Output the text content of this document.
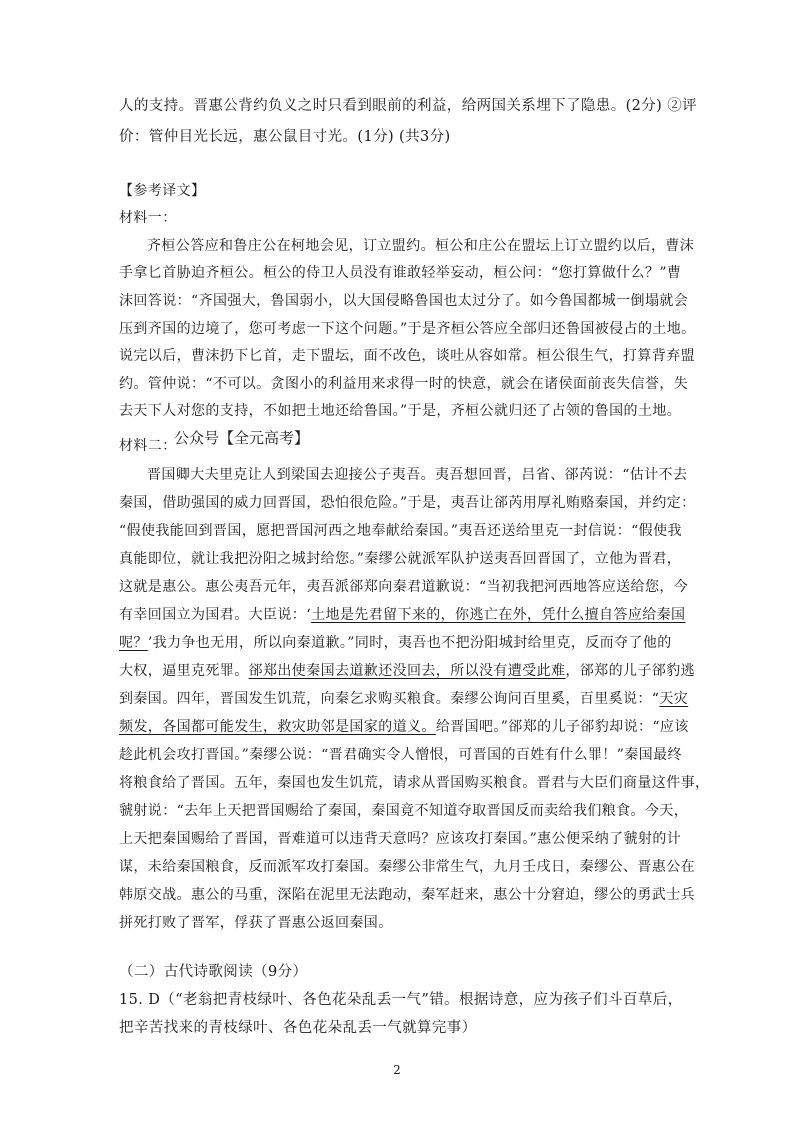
人的支持。晋惠公背约负义之时只看到眼前的利益，给两国关系埋下了隐患。(2分) ②评

价：管仲目光长远，惠公鼠目寸光。(1分) (共3分)

【参考译文】

材料一：

齐桓公答应和鲁庄公在柯地会见，订立盟约。桓公和庄公在盟坛上订立盟约以后，曹沫

手拿匕首胁迫齐桓公。桓公的侍卫人员没有谁敢轻举妄动，桓公问：“您打算做什么？”曹

沫回答说：“齐国强大，鲁国弱小，以大国侵略鲁国也太过分了。如今鲁国都城一倒塌就会

压到齐国的边境了，您可考虑一下这个问题。”于是齐桓公答应全部归还鲁国被侵占的土地。

说完以后，曹沫扔下匕首，走下盟坛，面不改色，谈吐从容如常。桓公很生气，打算背弃盟

约。管仲说：“不可以。贪图小的利益用来求得一时的快意，就会在诸侯面前丧失信誉，失

去天下人对您的支持，不如把土地还给鲁国。”于是，齐桓公就归还了占领的鲁国的土地。

材料二：

公众号【全元高考】

晋国卿大夫里克让人到梁国去迎接公子夷吾。夷吾想回晋，吕省、郤芮说：“估计不去

秦国，借助强国的威力回晋国，恐怕很危险。”于是，夷吾让郤芮用厚礼贿赂秦国，并约定：

“假使我能回到晋国，愿把晋国河西之地奉献给秦国。”夷吾还送给里克一封信说：“假使我

真能即位，就让我把汾阳之城封给您。”秦缪公就派军队护送夷吾回晋国了，立他为晋君，

这就是惠公。惠公夷吾元年，夷吾派郤郑向秦君道歉说：“当初我把河西地答应送给您，今

有幸回国立为国君。大臣说：‘土地是先君留下来的，你逃亡在外，凭什么擅自答应给秦国

呢？’我力争也无用，所以向秦道歉。”同时，夷吾也不把汾阳城封给里克，反而夺了他的

大权，逼里克死罪。郤郑出使秦国去道歉还没回去，所以没有遭受此难，郤郑的儿子郤豹逃

到秦国。四年，晋国发生饥荒，向秦乞求购买粮食。秦缪公询问百里奚，百里奚说：“天灾

频发，各国都可能发生，救灾助邻是国家的道义。给晋国吧。”郤郑的儿子郤豹却说：“应该

趁此机会攻打晋国。”秦缪公说：“晋君确实令人憎恨，可晋国的百姓有什么罪！”秦国最终

将粮食给了晋国。五年，秦国也发生饥荒，请求从晋国购买粮食。晋君与大臣们商量这件事，

虢射说：“去年上天把晋国赐给了秦国，秦国竟不知道夺取晋国反而卖给我们粮食。今天，

上天把秦国赐给了晋国，晋难道可以违背天意吗？应该攻打秦国。”惠公便采纳了虢射的计

谋，未给秦国粮食，反而派军攻打秦国。秦缪公非常生气，九月壬戌日，秦缪公、晋惠公在

韩原交战。惠公的马重，深陷在泥里无法跑动，秦军赶来，惠公十分窘迫，缪公的勇武士兵

拼死打败了晋军，俘获了晋惠公返回秦国。

（二）古代诗歌阅读（9分）

15. D（“老翁把青枝绿叶、各色花朵乱丢一气”错。根据诗意，应为孩子们斗百草后，

把辛苦找来的青枝绿叶、各色花朵乱丢一气就算完事）

2
